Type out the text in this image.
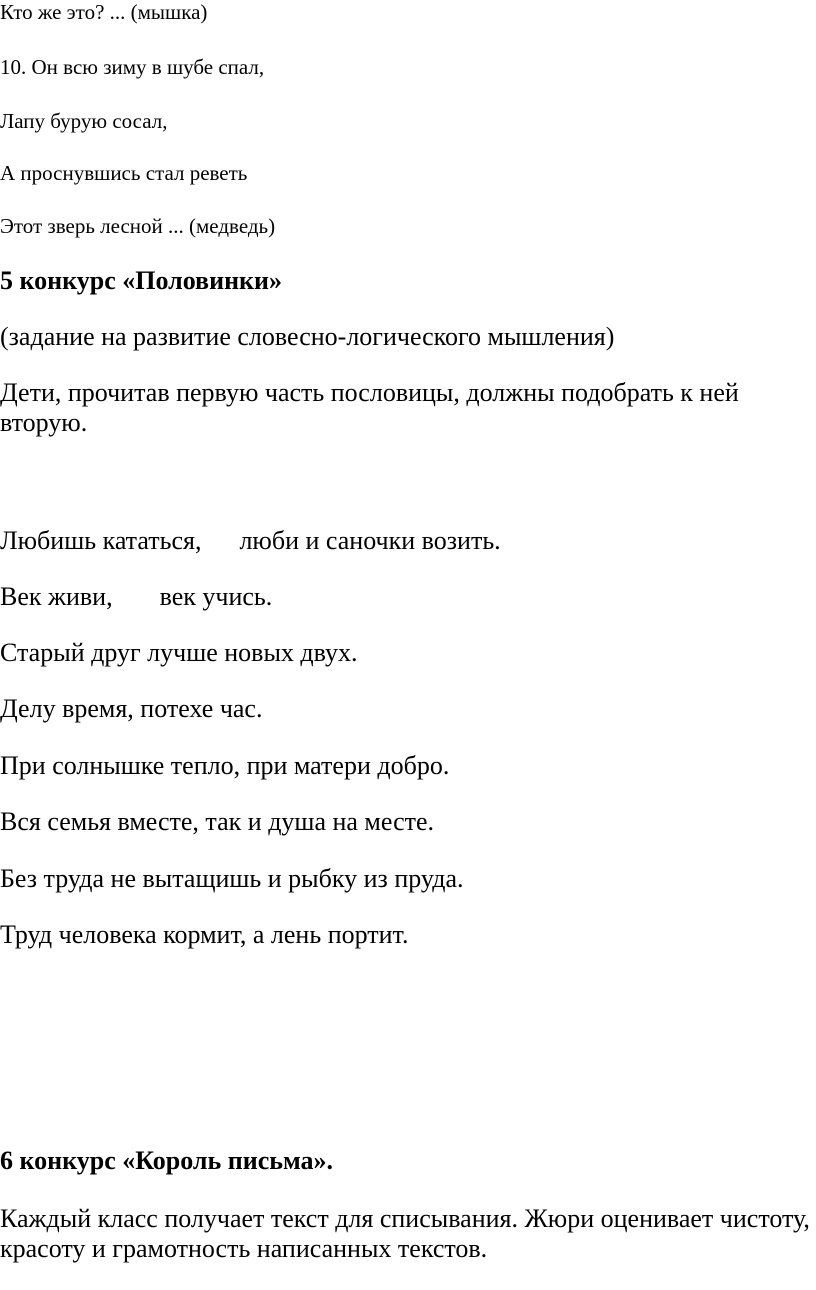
Кто же это? ... (мышка)
10. Он всю зиму в шубе спал,
Лапу бурую сосал,
А проснувшись стал реветь
Этот зверь лесной ... (медведь)
5 конкурс «Половинки»
(задание на развитие словесно-логического мышления)
Дети, прочитав первую часть пословицы, должны подобрать к ней вторую.
Любишь кататься, люби и саночки возить.
Век живи, век учись.
Старый друг лучше новых двух.
Делу время, потехе час.
При солнышке тепло, при матери добро.
Вся семья вместе, так и душа на месте.
Без труда не вытащишь и рыбку из пруда.
Труд человека кормит, а лень портит.
6 конкурс «Король письма».
Каждый класс получает текст для списывания. Жюри оценивает чистоту, красоту и грамотность написанных текстов.
